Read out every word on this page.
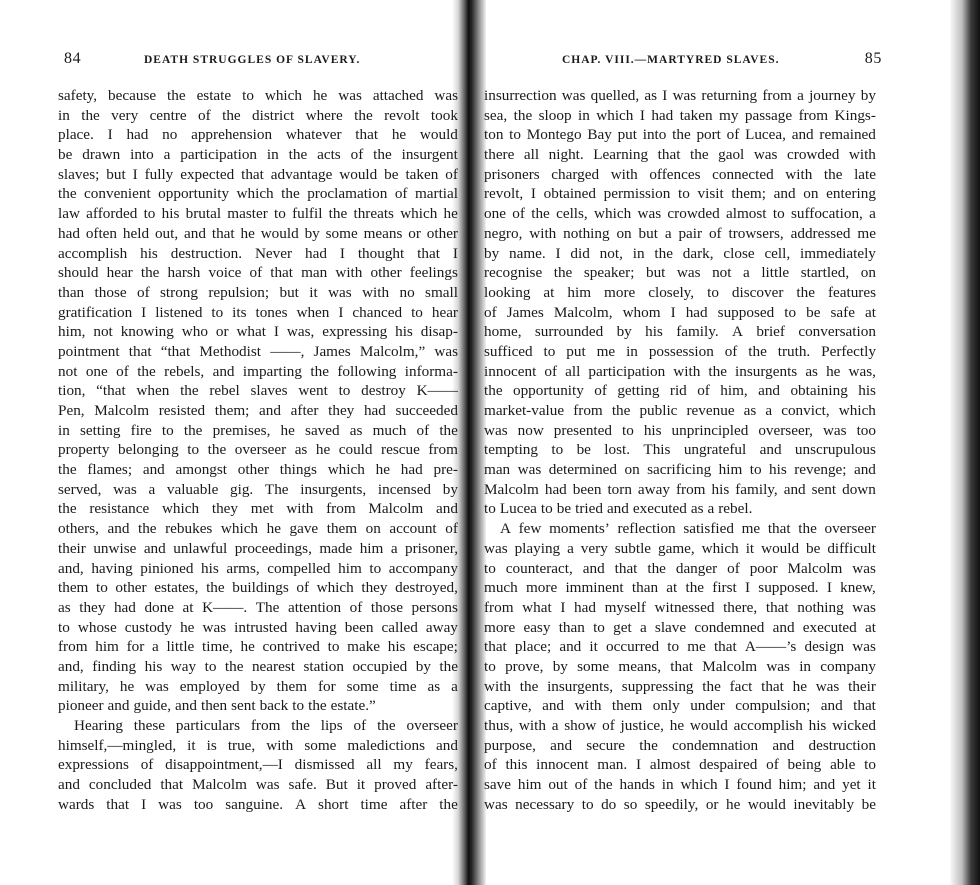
84	DEATH STRUGGLES OF SLAVERY.
safety, because the estate to which he was attached was
in the very centre of the district where the revolt took
place. I had no apprehension whatever that he would
be drawn into a participation in the acts of the insurgent
slaves; but I fully expected that advantage would be taken of
the convenient opportunity which the proclamation of martial
law afforded to his brutal master to fulfil the threats which he
had often held out, and that he would by some means or other
accomplish his destruction. Never had I thought that I
should hear the harsh voice of that man with other feelings
than those of strong repulsion; but it was with no small
gratification I listened to its tones when I chanced to hear
him, not knowing who or what I was, expressing his disap-
pointment that “that Methodist ——, James Malcolm,” was
not one of the rebels, and imparting the following informa-
tion, “that when the rebel slaves went to destroy K——
Pen, Malcolm resisted them; and after they had succeeded
in setting fire to the premises, he saved as much of the
property belonging to the overseer as he could rescue from
the flames; and amongst other things which he had pre-
served, was a valuable gig. The insurgents, incensed by
the resistance which they met with from Malcolm and
others, and the rebukes which he gave them on account of
their unwise and unlawful proceedings, made him a prisoner,
and, having pinioned his arms, compelled him to accompany
them to other estates, the buildings of which they destroyed,
as they had done at K——. The attention of those persons
to whose custody he was intrusted having been called away
from him for a little time, he contrived to make his escape;
and, finding his way to the nearest station occupied by the
military, he was employed by them for some time as a
pioneer and guide, and then sent back to the estate.”
Hearing these particulars from the lips of the overseer
himself,—mingled, it is true, with some maledictions and
expressions of disappointment,—I dismissed all my fears,
and concluded that Malcolm was safe. But it proved after-
wards that I was too sanguine. A short time after the
CHAP. VIII.—MARTYRED SLAVES.	85
insurrection was quelled, as I was returning from a journey by
sea, the sloop in which I had taken my passage from Kings-
ton to Montego Bay put into the port of Lucea, and remained
there all night. Learning that the gaol was crowded with
prisoners charged with offences connected with the late
revolt, I obtained permission to visit them; and on entering
one of the cells, which was crowded almost to suffocation, a
negro, with nothing on but a pair of trowsers, addressed me
by name. I did not, in the dark, close cell, immediately
recognise the speaker; but was not a little startled, on
looking at him more closely, to discover the features
of James Malcolm, whom I had supposed to be safe at
home, surrounded by his family. A brief conversation
sufficed to put me in possession of the truth. Perfectly
innocent of all participation with the insurgents as he was,
the opportunity of getting rid of him, and obtaining his
market-value from the public revenue as a convict, which
was now presented to his unprincipled overseer, was too
tempting to be lost. This ungrateful and unscrupulous
man was determined on sacrificing him to his revenge; and
Malcolm had been torn away from his family, and sent down
to Lucea to be tried and executed as a rebel.
A few moments’ reflection satisfied me that the overseer
was playing a very subtle game, which it would be difficult
to counteract, and that the danger of poor Malcolm was
much more imminent than at the first I supposed. I knew,
from what I had myself witnessed there, that nothing was
more easy than to get a slave condemned and executed at
that place; and it occurred to me that A——’s design was
to prove, by some means, that Malcolm was in company
with the insurgents, suppressing the fact that he was their
captive, and with them only under compulsion; and that
thus, with a show of justice, he would accomplish his wicked
purpose, and secure the condemnation and destruction
of this innocent man. I almost despaired of being able to
save him out of the hands in which I found him; and yet it
was necessary to do so speedily, or he would inevitably be
